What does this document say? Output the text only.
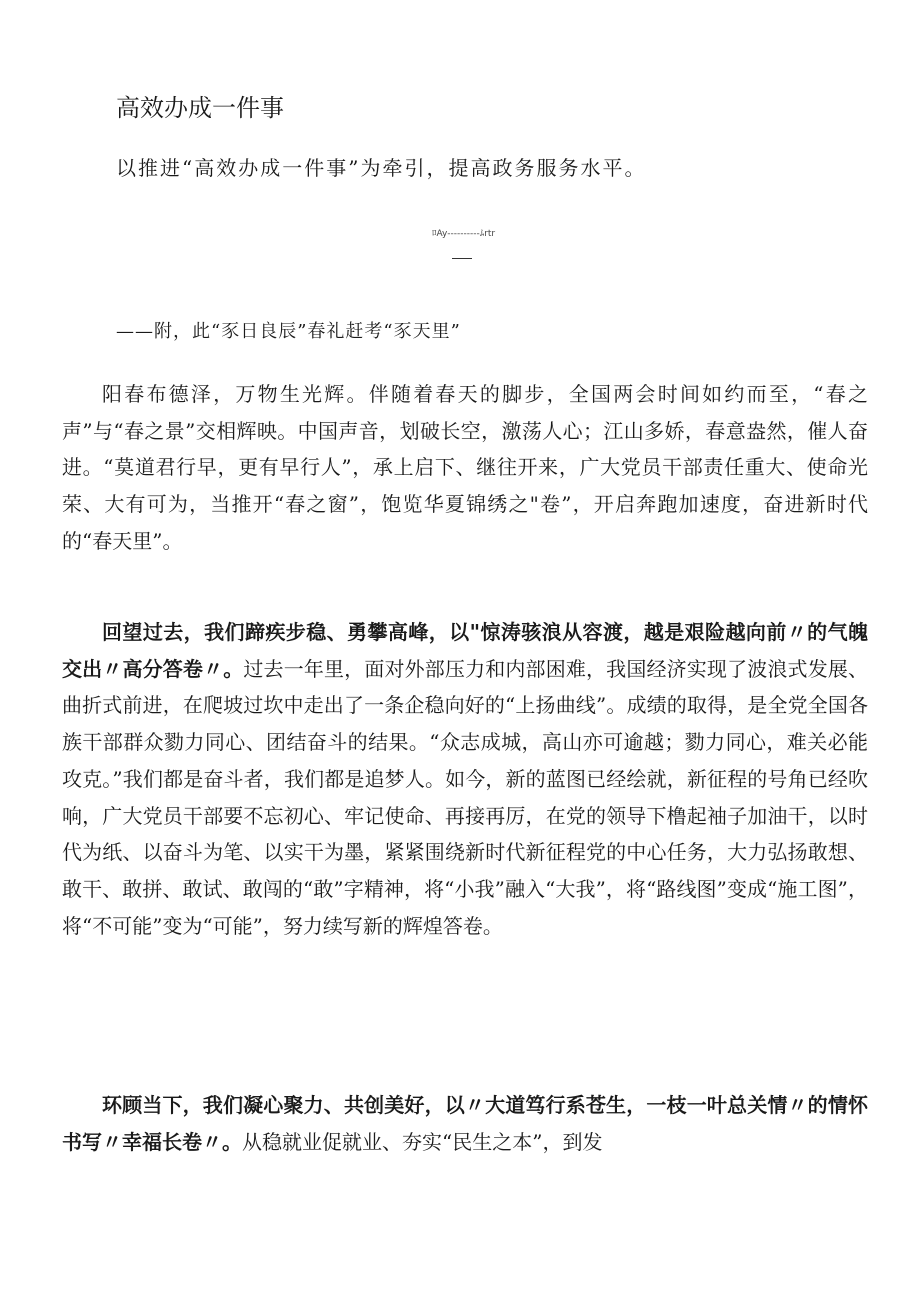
高效办成一件事
以推进“高效办成一件事”为牵引，提高政务服务水平。
ﾛAy----------ﾑrtr
——附，此“豕日良辰”春礼赶考“豕天里”

阳春布德泽，万物生光辉。伴随着春天的脚步，全国两会时间如约而至，“春之声”与“春之景”交相辉映。中国声音，划破长空，激荡人心；江山多娇，春意盎然，催人奋进。“莫道君行早，更有早行人”，承上启下、继往开来，广大党员干部责任重大、使命光荣、大有可为，当推开“春之窗”，饱览华夏锦绣之"卷”，开启奔跑加速度，奋进新时代的“春天里”。

回望过去，我们蹄疾步稳、勇攀高峰，以"惊涛骇浪从容渡，越是艰险越向前〃的气魄交出〃高分答卷〃。过去一年里，面对外部压力和内部困难，我国经济实现了波浪式发展、曲折式前进，在爬坡过坎中走出了一条企稳向好的“上扬曲线”。成绩的取得，是全党全国各族干部群众勠力同心、团结奋斗的结果。“众志成城，高山亦可逾越；勠力同心，难关必能攻克。”我们都是奋斗者，我们都是追梦人。如今，新的蓝图已经绘就，新征程的号角已经吹响，广大党员干部要不忘初心、牢记使命、再接再厉，在党的领导下橹起袖子加油干，以时代为纸、以奋斗为笔、以实干为墨，紧紧围绕新时代新征程党的中心任务，大力弘扬敢想、敢干、敢拼、敢试、敢闯的“敢”字精神，将“小我”融入“大我”，将“路线图”变成“施工图”，将“不可能”变为“可能”，努力续写新的辉煌答卷。

环顾当下，我们凝心聚力、共创美好，以〃大道笃行系苍生，一枝一叶总关情〃的情怀书写〃幸福长卷〃。从稳就业促就业、夯实“民生之本”，到发
